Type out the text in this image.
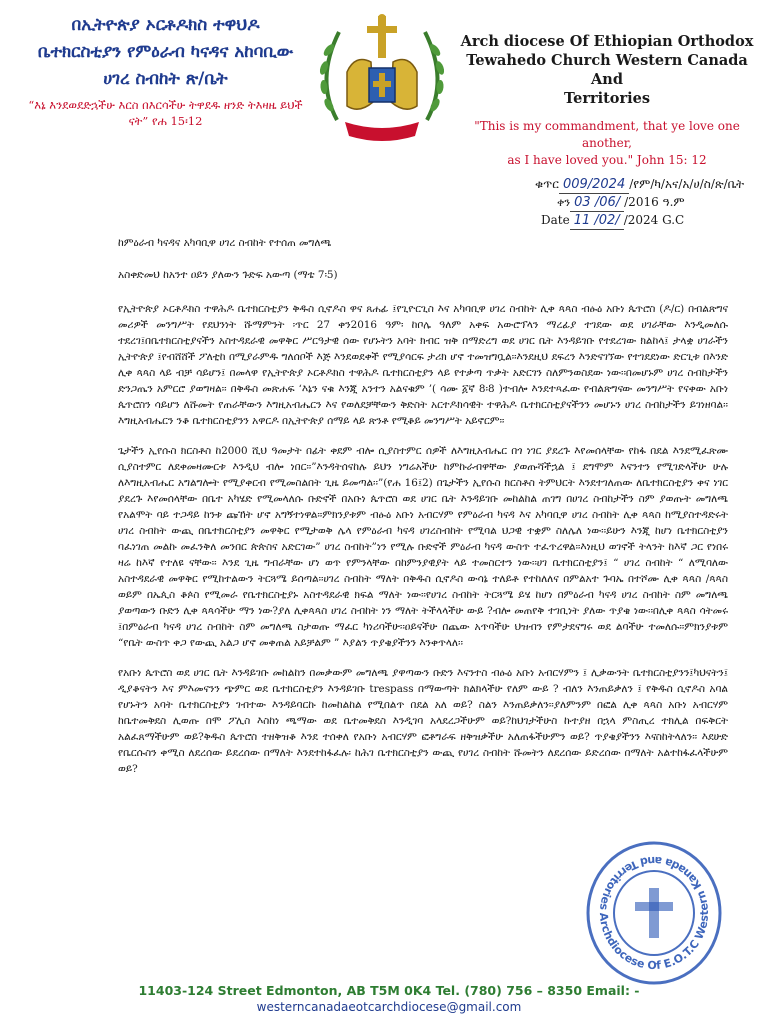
በኢትዮጵያ ኦርቶዶክስ ተዋህዶ
ቤተክርስቲያን የምዕራብ ካናዳና አከባቢው
ሀገረ ስብከት ጽ/ቤት
“እኔ እንደወደድኋችሁ እርስ በእርሳችሁ ትዋደዱ ዘንድ ትእዛዜ ይህች ናት” የሐ 15፡12
Arch diocese Of Ethiopian Orthodox
Tewahedo Church Western Canada And
Territories
"This is my commandment, that ye love one another,
as I have loved you." John 15: 12
ቁጥር 009/2024 /የም/ካ/አና/አ/ሀ/ስ/ጽ/ቤት
ቀን 03 /06/ /2016 ዓ.ም
Date 11 /02/ /2024 G.C

ከምዕራብ ካናዳና አካባቢዋ ሀገረ ስብከት የተሰጠ መግለጫ

አስቀድመህ ከአንተ ዐይን ያለውን ጉድፍ አውጣ (ማቴ 7፡5)

የኢትዮጵያ ኦርቶዶክስ ተዋሕዶ ቤተክርስቲያን ቅዱስ ሲኖዶስ ዋና ጸሐፊ ፤የጊዮርጊስ እና አካባቢዋ ሀገረ ስብከት ሊቀ ጳጳስ ብፁዕ አቡነ ጴጥሮስ (ዶ/ር) በብልጽግና መሪዎች መንግሥት የደህንነት ሹማምንት ፡ጥር 27 ቀን2016 ዓም፡ ከቦሌ ዓለም አቀፍ አውሮፕላን ማረፊያ ተገደው ወደ ሀገራቸው እንዲመለሱ ተደረገ፤በቤተክርስቲያናችን አስተዳደራዊ መዋቅር ሥርዓታዊ ሰው የሆኑትን አባት ክብር ዝቅ በማድረግ ወደ ሀገር ቤት እንዳይገቡ የተደረገው ክልከላ፤ ታላቋ ሀገራችን ኢትዮጵያ ፤የብሸሸች ፖለቲከ በሚያራምዱ ግለሰቦች እጅ እንደወደቀች የሚያሳርፍ ታሪክ ሆኖ ተመዝግቧል፡፡እንደዚህ ደፍረን እንድናገኘው የተገደደነው ድርጊቱ በእንድ ሊቀ ጳጳስ ላይ ብቻ ሳይሆን፤ በመላዋ የኢትዮጵያ ኦርቶዶክስ ተዋሕዶ ቤተክርስቲያን ላይ የተቃጣ ጥቃት አድርገን ስለምንወስደው ነው፡፡በመሆኑም ሀገረ ስብከታችን ድንጋጤን አምርሮ ያወግዛል፡፡ በቅዱስ መጽሐፍ ‘እኔን ናቁ እንጂ አንተን አልናቁም ’( ሳሙ ፩ኛ 8፡8 )ተብሎ እንደተጻፈው የብልጽግናው መንግሥት የናቀው አቡነ ጴጥሮስን ሳይሆን ለሹመት የጠራቸውን እግዚአብሔርን እና የወለደቻቸውን ቅድስት አርተዶክሳዊት ተዋሕዶ ቤተክርስቲያናችንን መሆኑን ሀገረ ስብከታችን ይገነዘባል፡፡እግዚአብሔርን ንቆ ቤተክርስቲያንን አዋርዶ በኢትዮጵያ ሰማይ ላይ ጽንቶ የሚቆይ መንግሥት አይኖርም፡፡

ጌታችን ኢየሱስ ክርስቶስ ከ2000 ሺህ ዓመታት በፊት ቀደም ብሎ ሲያስተምር ሰዎች ለእግዚአብሔር በጎ ነገር ያደረጉ እየመሰላቸው የከፋ በደል እንደሚፈጽሙ ሲያስተምር ለደቀመዛሙርቱ እንዲህ ብሎ ነበር፡፡”እንዳትሰናከሉ ይህን ነግሬአችሁ ከምኩራብዋቸው ያወጡሻችኋል ፤ ደግሞም እናንተን የሚገድላችሁ ሁሉ ለእግዚአብሔር አግልግሎት የሚያቀርብ የሚመስልበት ጊዜ ይመጣል፡፡”(የሐ 16፤2) በጌታችን ኢየሱስ ክርስቶስ ትምህርት እንደተገለጠው ለቤተክርስቲያን ቀና ነገር ያደረጉ እየመሰላቸው በቤተ አካሄድ የሚመላለሱ ቡድኖች በአቡነ ጴጥሮስ ወደ ሀገር ቤት እንዳይገቡ መከልከል ጠገግ በሀገረ ስብከታችን ስም ያወጡት መግለጫ የአልሞት ባይ ተጋዳይ ከንቱ ጩኸት ሆኖ አግኝተነዋል፡፡ምክንያቱም ብፁዕ አቡነ አብርሃም የምዕራብ ካናዳ እና አካባቢዋ ሀገረ ስብከት ሊቀ ጳጳስ ከሚያስተዳድሩት ሀገረ ስብከት ውጪ በቤተክርስቲያን መዋቅር የሚታወቅ ሌላ የምዕራብ ካናዳ ሀገረስብከት የሚባል ህጋዊ ተቋም ስለሌለ ነው፡፡ይሁን እንጂ ከሆነ ቤተክርስቲያን ባፈነገጠ መልኩ መፈንቅለ መንበር ጵጵስና አድርገው” ሀገረ ስብከት”ነን የሚሉ ቡድኖች ምዕራብ ካናዳ ውስጥ ተፈጥረዋል፡፡እነዚህ ወገኖች ትላንት ከእኛ ጋር የነበሩ ዛሬ ከእኛ የተለዩ ናቸው፡፡ እንደ ጊዜ ግብራቸው ሆነ ወጥ የምንላቸው በከምንያዊያት ላይ ተመስርተን ነው፡፡ሀገ ቤተክርስቲያን፤ “ ሀገረ ስብከት “ ለሚባለው አስተዳደራዊ መዋቅር የሚከተልውን ትርጓሜ ይሰጣል፡፡ሀገረ ስብከት ማለት በቅዱስ ሲኖዶስ ውሳኔ ተለይቶ የተከለለና በምልአተ ጉባኤ በተሾሙ ሊቀ ጳጳስ /ጳጳስ ወይም በኤጲስ ቆጶስ የሚመራ የቤተክርስቲያኑ አስተዳደራዊ ክፍል ማለት ነው፡፡የሀገረ ስብከት ትርጓሜ ይሄ ከሆነ በምዕራብ ካናዳ ሀገረ ስብከት ስም መግለጫ ያወጣውን ቡድን ሊቀ ጳጳሳችሁ ማን ነው?ያለ ሊቀጳጳስ ሀገረ ስብከት ነን ማለት ትችላላችሁ ውይ ?ብሎ መጠየቅ ተገቢነት ያለው ጥያቄ ነው፡፡በሊቀ ጳጳስ ሳትመሩ ፤በምዕራብ ካናዳ ሀገረ ስብከት ስም መግለጫ ስታወጡ ማፈር ካነሪባችሁ፡፡ዐይናችሁ በጨው አጥባችሁ ህዝብን የምታደናግሩ ወደ ልባችሁ ተመለሱ፡፡ምክንያቱም “የቤት ውስጥ ቀጋ የውጪ አልጋ ሆኖ መቀጠል አይቻልም ” እያልን ጥያቄያችንን እንቀጥላለ፡፡

የአቡነ ጴጥሮስ ወደ ሀገር ቤት እንዳይገቡ መከልከን በመቃውም መግለጫ ያዋጣውን ቡድን እናንተስ ብፁዕ አቡነ አብርሃምን ፤ ሊቃውንት ቤተክርስቲያንን፤ካህናትን፤ ዲያቆናትን እና ምእመናንን ጭምር ወደ ቤተክርስቲያን እንዳይገቡ trespass በማውጣት ክልክላችሁ የለም ውይ ? ብለን እንጠይቃለን ፤ የቅዱስ ሲኖዶስ አባል የሆኑትን አባት ቤተክርስቲያን ገብተው እንዳይባርኩ ከመከልከል የሚበልጥ በደል አለ ወይ? ስልን እንጠይቃለን፡፡ያለምንም በፎል ሊቀ ጳጳስ አቡነ አብርሃም ከቤተመቅደስ ሊወጡ በሞ ፖሊስ እስከነ ጫማው ወደ ቤተመቅደስ እንዲገባ አላደረጋችሁም ወይ?ከህገታችሁስ ኩተያዘ በኋላ ምስጢረ ተክሊል በፍቅርት አልፈጸማችሁም ወይ?ቅዱስ ጴጥሮስ ተዘቅዝቆ እንደ ተሰቀለ የአቡነ አብርሃም ፎቶግራፍ ዘቅዝቃችሁ አለጠፋችሁምን ወይ? ጥያቄያችንን እናስከትላለን፡፡ እደሁድ የቤርሱስን ቀሚስ ለደረሰው ይደረሰው በማለት እንደተከፋፈሉ፡ ከሕገ ቤተክርስቲያን ውጪ የሀገረ ስብከት ሹመትን ለደረሰው ይድረሰው በማለት አልተከፋፈላችሁም ወይ?

Archdiocese Of E.O.T.C Western Kanada and Territories
11403-124 Street Edmonton, AB T5M 0K4 Tel. (780) 756 – 8350 Email: -
westerncanadaeotcarchdiocese@gmail.com
